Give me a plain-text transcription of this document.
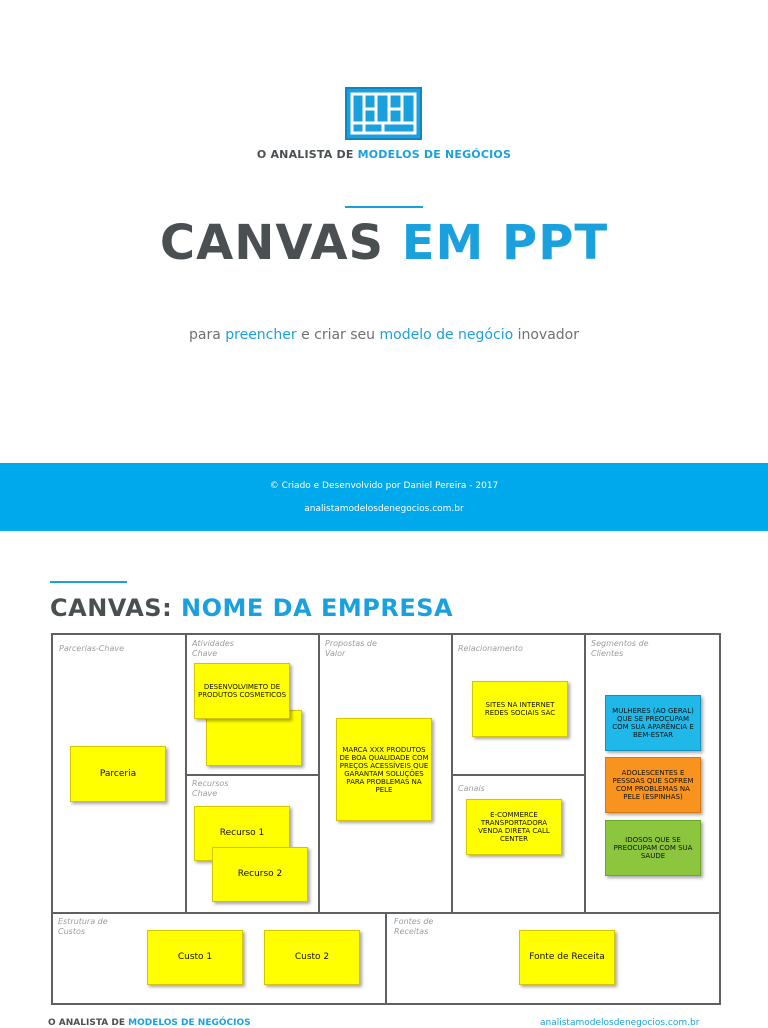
O ANALISTA DE MODELOS DE NEGÓCIOS
CANVAS EM PPT
para preencher e criar seu modelo de negócio inovador
© Criado e Desenvolvido por Daniel Pereira - 2017
analistamodelosdenegocios.com.br
CANVAS: NOME DA EMPRESA
Parcerias-Chave
Atividades Chave
Recursos Chave
Propostas de Valor
Relacionamento
Canais
Segmentos de Clientes
Estrutura de Custos
Fontes de Receitas
Parceria
DESENVOLVIMETO DE PRODUTOS COSMETICOS
Recurso 1
Recurso 2
MARCA XXX PRODUTOS DE BOA QUALIDADE COM PREÇOS ACESSÍVEIS QUE GARANTAM SOLUÇÕES PARA PROBLEMAS NA PELE
SITES NA INTERNET REDES SOCIAIS SAC
E-COMMERCE TRANSPORTADORA VENDA DIRETA CALL CENTER
MULHERES (AO GERAL) QUE SE PREOCUPAM COM SUA APARÊNCIA E BEM-ESTAR
ADOLESCENTES E PESSOAS QUE SOFREM COM PROBLEMAS NA PELE (ESPINHAS)
IDOSOS QUE SE PREOCUPAM COM SUA SAUDE
Custo 1	Custo 2	Fonte de Receita
O ANALISTA DE MODELOS DE NEGÓCIOS	analistamodelosdenegocios.com.br
